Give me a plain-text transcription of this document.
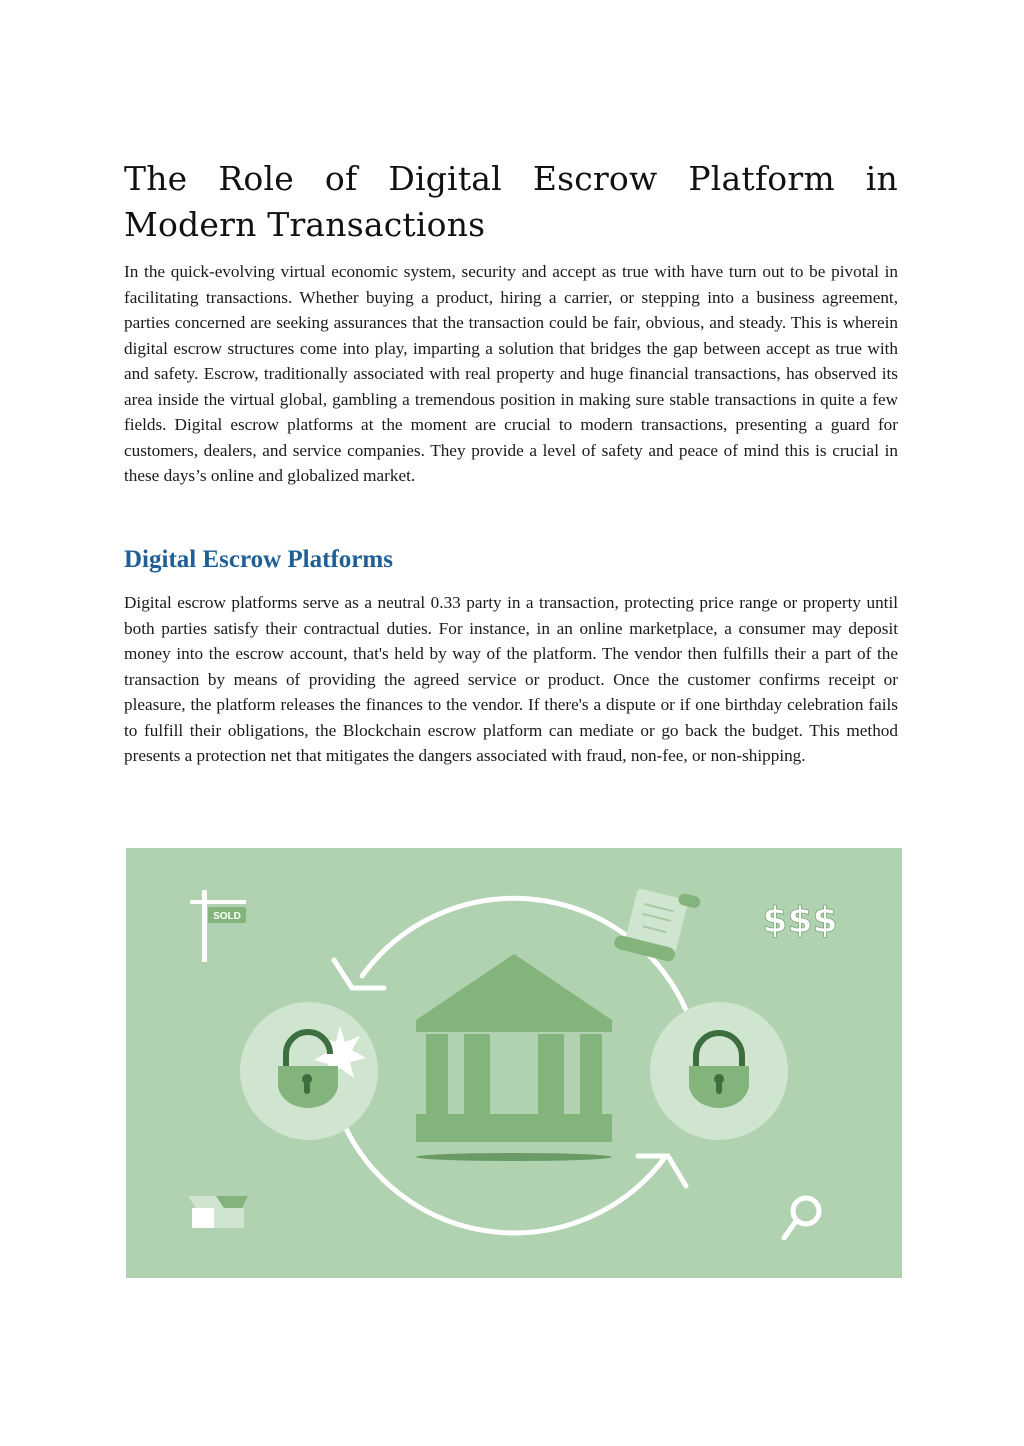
The Role of Digital Escrow Platform in Modern Transactions

In the quick-evolving virtual economic system, security and accept as true with have turn out to be pivotal in facilitating transactions. Whether buying a product, hiring a carrier, or stepping into a business agreement, parties concerned are seeking assurances that the transaction could be fair, obvious, and steady. This is wherein digital escrow structures come into play, imparting a solution that bridges the gap between accept as true with and safety. Escrow, traditionally associated with real property and huge financial transactions, has observed its area inside the virtual global, gambling a tremendous position in making sure stable transactions in quite a few fields. Digital escrow platforms at the moment are crucial to modern transactions, presenting a guard for customers, dealers, and service companies. They provide a level of safety and peace of mind this is crucial in these days’s online and globalized market.

Digital Escrow Platforms

Digital escrow platforms serve as a neutral 0.33 party in a transaction, protecting price range or property until both parties satisfy their contractual duties. For instance, in an online marketplace, a consumer may deposit money into the escrow account, that's held by way of the platform. The vendor then fulfills their a part of the transaction by means of providing the agreed service or product. Once the customer confirms receipt or pleasure, the platform releases the finances to the vendor. If there's a dispute or if one birthday celebration fails to fulfill their obligations, the Blockchain escrow platform can mediate or go back the budget. This method presents a protection net that mitigates the dangers associated with fraud, non-fee, or non-shipping.

SOLD	$$$
